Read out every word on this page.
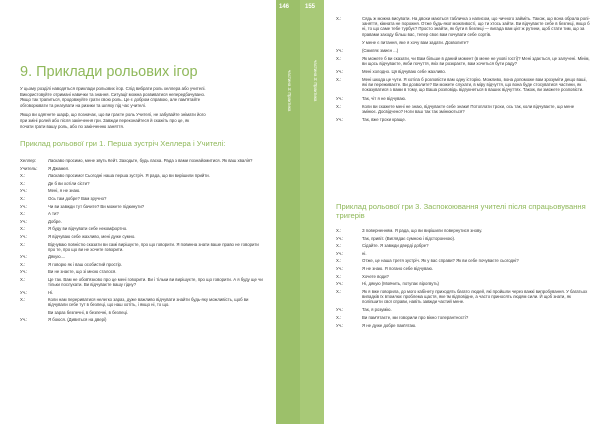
9. Приклади рольових ігор
У цьому розділі наводяться приклади рольових ігор. Слід вибрати роль хеллера або учителі.
Використовуйте отримані навички та знання. Ситуації можна розвиватися непередбачувано.
Якщо так трапиться, продовжуйте грати свою роль. Це є добром справою, але пам'ятайте
обговорювати та реагувати на ризики та шляху під час учителі.
Якщо ви одягнете шарф, що позначає, що ви граєте роль Учителі, не забувайте знімати його
при зміні ролей або після закінчення гри. Завжди переконайтеся й скажіть про це, як
почати грати вашу роль, або по закінченню заняття.
Приклад рольової гри 1. Перша зустріч Хеллера і Учителі:
Хеллер:	Ласкаво просимо, мене звуть Кейт. Заходьте, будь ласка. Рада з вами познайомитися. Як ваш хвалія?
Учитель:	Я Джамел.
Х.:	Ласкаво просимо! Сьогодні наша перша зустріч. Я рада, що ви вирішили прийти.
Х.:	Де б ви хотіли сісти?
Уч.:	Мені, я не знаю.
Х.:	Ось там добре? Вам зручно?
Уч.:	Чи ви завжди тут бачите? Ви можете підкинути?
Х.:	А ти?
Уч.:	Добре.
Х.:	Я буду ви відчувати себе некомфортно.
Уч.:	Я відчуваю себе жахливо, мені дуже сумно.
Х.:	Відчуваю повністю сказати ви самі вирішуєте, про що говорити. Я повинна знати ваше право не говорити про те, про що ви не хочете говорити.
Уч.:	Дякую....
Х.:	Я говорю як і ваш особистий простір.
Уч.:	Ви не знаєте, що зі мною сталося.
Х.:	Це так. Вам не обов'язково про це мені говорити. Ви і тільки ви вирішуєте, про що говорити. А я буду ще чи тільки послухати. Ви відчуваєте вашу гідну?
Уч.:	Ні.
Х.:	Коли нам перериватися нелегко зараз, дуже важливо відчувати знайти будь-яку можливість, щоб ви відчували себе тут в безпеці, що наш хотіть, і якщо ні, то що.
Ви зараз безпечні, в безпечні, в безпеці.
Уч.:	Я боюся. (Дивиться на двері)
146	155
частина 3: Практика	частина 3: Практика
Х.:	Сядь ж можна висувати. На двохи маються табличка з написом, що чичного займіть. Також, що вона обрала ролі-заняття, кімната не порожня. Отже будь-якої можливості, що ти хтось зайти. Ви відчуваєте себе в безпеці, якщо б ні, то що саме тебе турбує? Просто знайти, як бути в безпеці — вигада вам цієї ж рутини, щоб стати тим, що за правами заходу більш вас, тепер своє вам почувати себе сортів.
У мене є питання, яке я хочу вам задати. Дозволите?
Уч.:	(Смиляє змиєн ...)
Х.:	Як можете б ви сказати, чи Вам більше в даний момент (в мене не ухові гості)? Мені здається, це залучені. Мінім, ви щось відчуваєте, якби почуття, якіх ви розкраєте, вам хочеться бути раду?
Уч.:	Мені холодно. Ця відчуваю себе жахливо.
Х.:	Мені шкода це чути. Я хотіла б розповісти вам одну історію. Можливо, вона допоможе вам зрозуміти дещо ваші, які ви переживаєте. Ви дозволите? Ви можете слухати, в міру відчуття, що вона буде стосуватися частини, як показуватися з вами в тому, що Ваша розповідь відгукнеться в ваших відчуттях. Також, ви зможете розповісти.
Уч.:	Так, чіт я не відчуваю.
Х.:	Коли ви скажете мені не знаю, відчуваєте себе знаки! Потоплати трохи, ось так, коли відчуваєте, що мене змінює. Досвідчено? Ноги ваш так так змінюються?
Уч.:	Так, вже трохи краще.
Приклад рольової гри 3. Заспокоювання учителі після спрацьовування тригерів
Х.:	З поверненням. Я рада, що ви вирішили повернутися знову.
Уч.:	Так, привіт. (Виглядає сумною і відсторонною).
Х.:	Сідайте. Я завжди дверді добре?
Уч.:	ні.
Х.:	Отже, це наша третя зустріч. Як у вас справи? Як ви себе почуваєте сьогодні?
Уч.:	Я не знаю. Я погано себе відчуваю.
Х.:	Хочете води?
Уч.:	Ні, дякую (Мовчить, потупає вірогвуть)
Х.:	Як я вже говорила, до мого кабінету приходять багато людей, які пройшли через важкі випробування. У багатьох випадків їх втомлює проблема щастя, яке їм відповідне, а часто приносять людям сили. Й щоб знати, як поліпшити свої справи, навіть завжди частий мене.
Уч.:	Так, я розумію.
Х.:	Ви пам'ятаєте, ми говорили про вікно толерантності?
Уч.:	Я не дуже добре пам'ятаю.
